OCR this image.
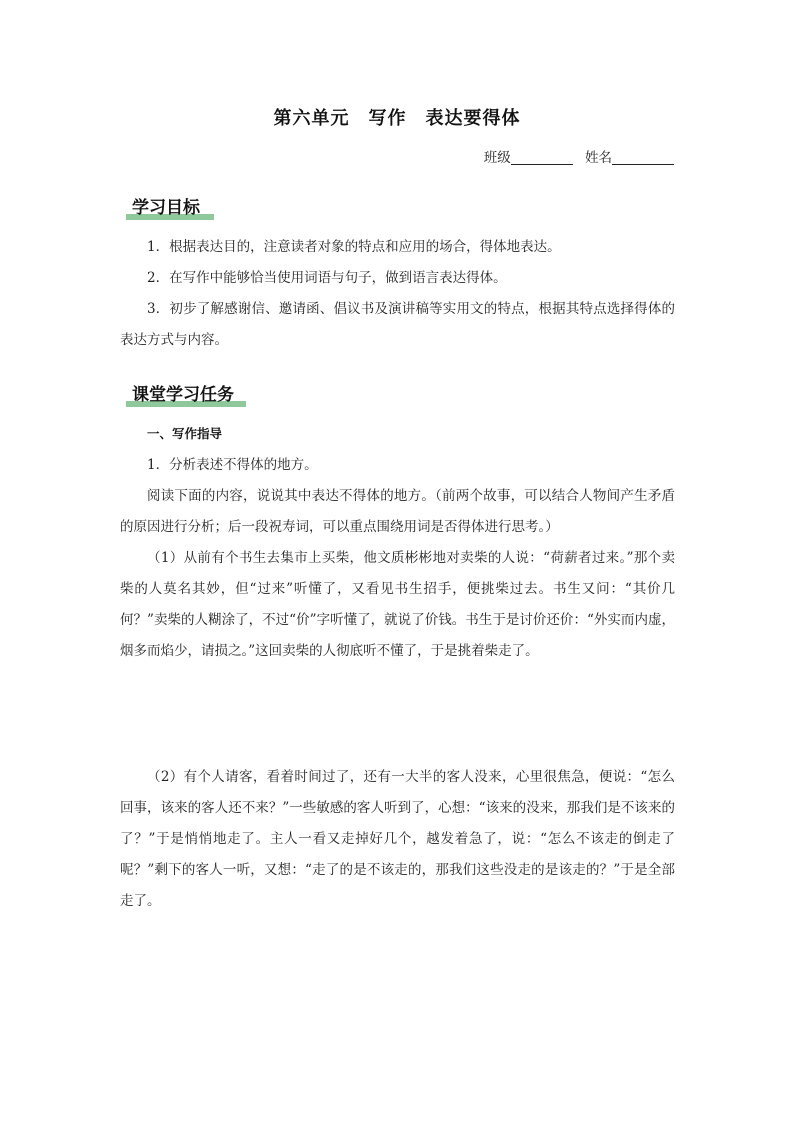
第六单元　写作　表达要得体
班级	姓名
学习目标
1．根据表达目的，注意读者对象的特点和应用的场合，得体地表达。
2．在写作中能够恰当使用词语与句子，做到语言表达得体。
3．初步了解感谢信、邀请函、倡议书及演讲稿等实用文的特点，根据其特点选择得体的表达方式与内容。
课堂学习任务
一、写作指导
1．分析表述不得体的地方。
阅读下面的内容，说说其中表达不得体的地方。（前两个故事，可以结合人物间产生矛盾的原因进行分析；后一段祝寿词，可以重点围绕用词是否得体进行思考。）
（1）从前有个书生去集市上买柴，他文质彬彬地对卖柴的人说：“荷薪者过来。”那个卖柴的人莫名其妙，但“过来”听懂了，又看见书生招手，便挑柴过去。书生又问：“其价几何？”卖柴的人糊涂了，不过“价”字听懂了，就说了价钱。书生于是讨价还价：“外实而内虚，烟多而焰少，请损之。”这回卖柴的人彻底听不懂了，于是挑着柴走了。
（2）有个人请客，看着时间过了，还有一大半的客人没来，心里很焦急，便说：“怎么回事，该来的客人还不来？”一些敏感的客人听到了，心想：“该来的没来，那我们是不该来的了？”于是悄悄地走了。主人一看又走掉好几个，越发着急了，说：“怎么不该走的倒走了呢？”剩下的客人一听，又想：“走了的是不该走的，那我们这些没走的是该走的？”于是全部走了。
